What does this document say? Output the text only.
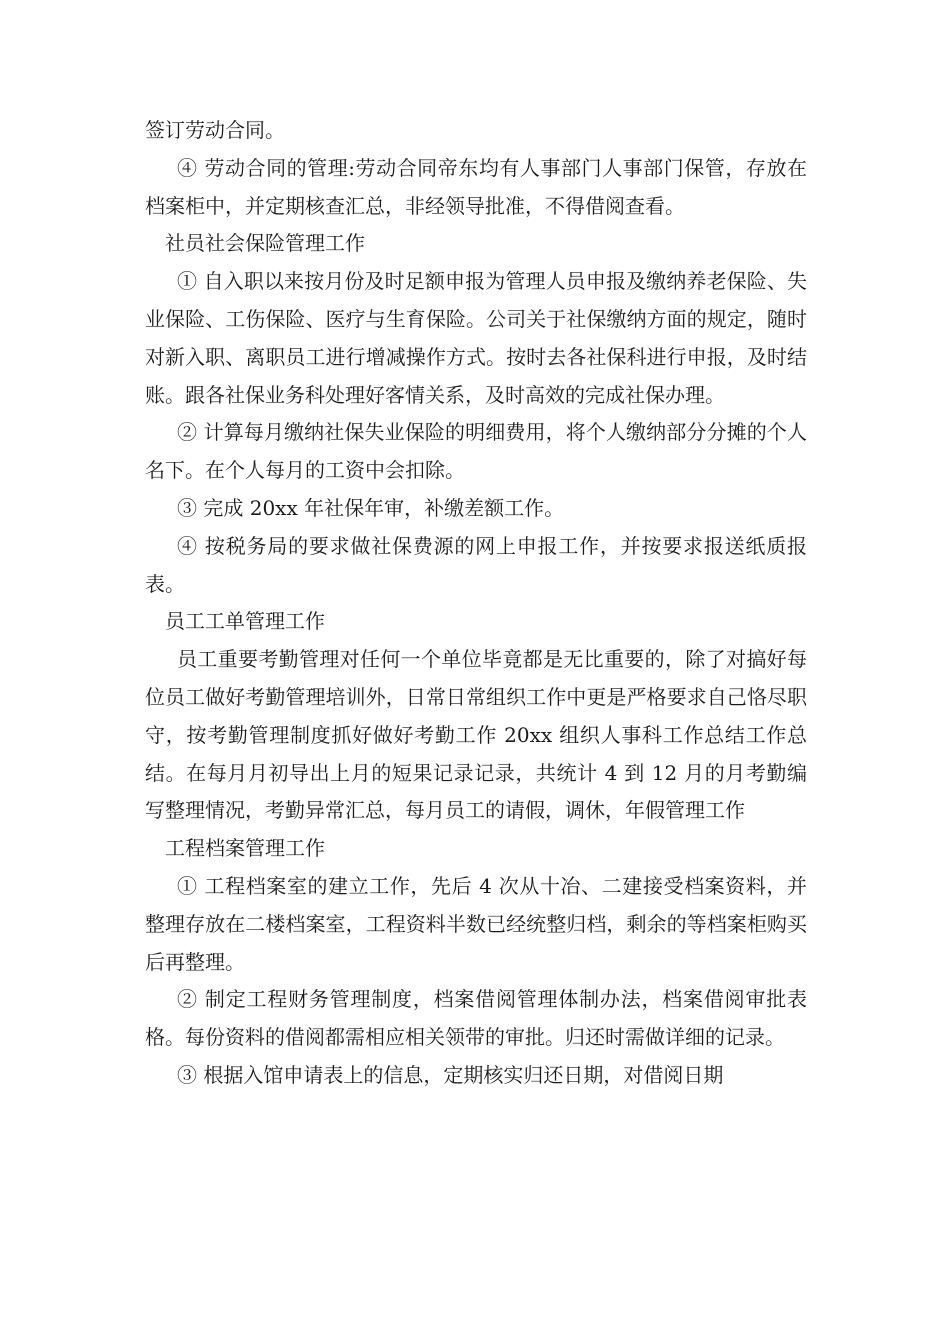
签订劳动合同。

④ 劳动合同的管理:劳动合同帝东均有人事部门人事部门保管，存放在档案柜中，并定期核查汇总，非经领导批准，不得借阅查看。

社员社会保险管理工作

① 自入职以来按月份及时足额申报为管理人员申报及缴纳养老保险、失业保险、工伤保险、医疗与生育保险。公司关于社保缴纳方面的规定，随时对新入职、离职员工进行增减操作方式。按时去各社保科进行申报，及时结账。跟各社保业务科处理好客情关系，及时高效的完成社保办理。

② 计算每月缴纳社保失业保险的明细费用，将个人缴纳部分分摊的个人名下。在个人每月的工资中会扣除。

③ 完成 20xx 年社保年审，补缴差额工作。

④ 按税务局的要求做社保费源的网上申报工作，并按要求报送纸质报表。

员工工单管理工作

员工重要考勤管理对任何一个单位毕竟都是无比重要的，除了对搞好每位员工做好考勤管理培训外，日常日常组织工作中更是严格要求自己恪尽职守，按考勤管理制度抓好做好考勤工作 20xx 组织人事科工作总结工作总结。在每月月初导出上月的短果记录记录，共统计 4 到 12 月的月考勤编写整理情况，考勤异常汇总，每月员工的请假，调休，年假管理工作

工程档案管理工作

① 工程档案室的建立工作，先后 4 次从十冶、二建接受档案资料，并整理存放在二楼档案室，工程资料半数已经统整归档，剩余的等档案柜购买后再整理。

② 制定工程财务管理制度，档案借阅管理体制办法，档案借阅审批表格。每份资料的借阅都需相应相关领带的审批。归还时需做详细的记录。

③ 根据入馆申请表上的信息，定期核实归还日期，对借阅日期
